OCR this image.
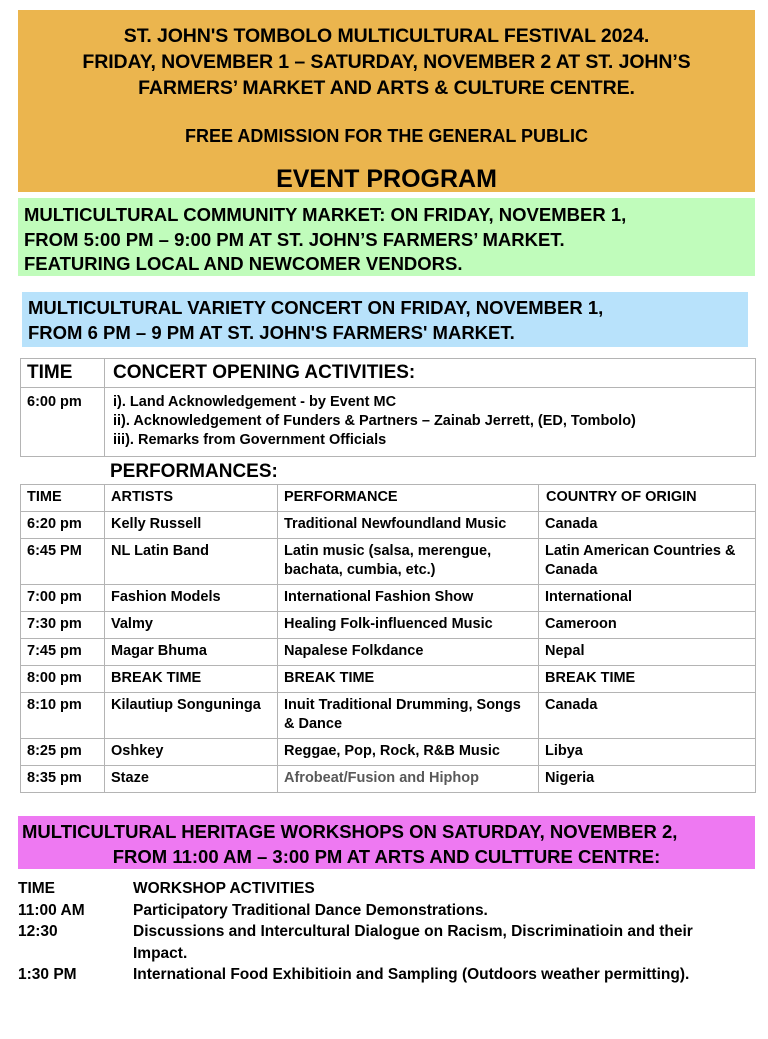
ST. JOHN'S TOMBOLO MULTICULTURAL FESTIVAL 2024.
FRIDAY, NOVEMBER 1 – SATURDAY, NOVEMBER 2 AT ST. JOHN’S
FARMERS’ MARKET AND ARTS & CULTURE CENTRE.
FREE ADMISSION FOR THE GENERAL PUBLIC
EVENT PROGRAM
MULTICULTURAL COMMUNITY MARKET: ON FRIDAY, NOVEMBER 1,
FROM 5:00 PM – 9:00 PM AT ST. JOHN’S FARMERS’ MARKET.
FEATURING LOCAL AND NEWCOMER VENDORS.
MULTICULTURAL VARIETY CONCERT ON FRIDAY, NOVEMBER 1,
FROM 6 PM – 9 PM AT ST. JOHN'S FARMERS' MARKET.
TIME	CONCERT OPENING ACTIVITIES:
6:00 pm	i). Land Acknowledgement - by Event MC
ii). Acknowledgement of Funders & Partners – Zainab Jerrett, (ED, Tombolo)
iii). Remarks from Government Officials
PERFORMANCES:
TIME	ARTISTS	PERFORMANCE	COUNTRY OF ORIGIN
6:20 pm	Kelly Russell	Traditional Newfoundland Music	Canada
6:45 PM	NL Latin Band	Latin music (salsa, merengue, bachata, cumbia, etc.)	Latin American Countries & Canada
7:00 pm	Fashion Models	International Fashion Show	International
7:30 pm	Valmy	Healing Folk-influenced Music	Cameroon
7:45 pm	Magar Bhuma	Napalese Folkdance	Nepal
8:00 pm	BREAK TIME	BREAK TIME	BREAK TIME
8:10 pm	Kilautiup Songuninga	Inuit Traditional Drumming, Songs & Dance	Canada
8:25 pm	Oshkey	Reggae, Pop, Rock, R&B Music	Libya
8:35 pm	Staze	Afrobeat/Fusion and Hiphop	Nigeria
MULTICULTURAL HERITAGE WORKSHOPS ON SATURDAY, NOVEMBER 2,
FROM 11:00 AM – 3:00 PM AT ARTS AND CULTTURE CENTRE:
TIME	WORKSHOP ACTIVITIES
11:00 AM	Participatory Traditional Dance Demonstrations.
12:30	Discussions and Intercultural Dialogue on Racism, Discriminatioin and their Impact.
1:30 PM	International Food Exhibitioin and Sampling (Outdoors weather permitting).
